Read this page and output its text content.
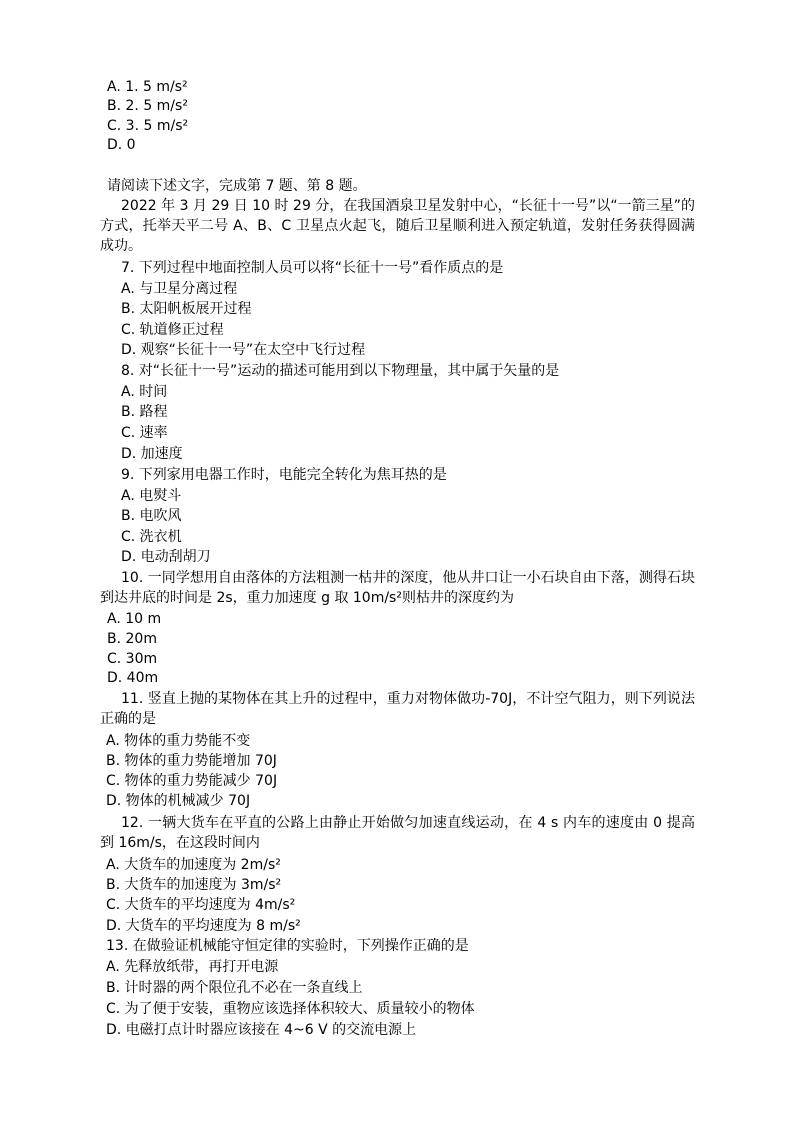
A. 1. 5 m/s²
B. 2. 5 m/s²
C. 3. 5 m/s²
D. 0
请阅读下述文字，完成第 7 题、第 8 题。
2022 年 3 月 29 日 10 时 29 分，在我国酒泉卫星发射中心，“长征十一号”以“一箭三星”的方式，托举天平二号 A、B、C 卫星点火起飞，随后卫星顺利进入预定轨道，发射任务获得圆满成功。
7. 下列过程中地面控制人员可以将“长征十一号”看作质点的是
A. 与卫星分离过程
B. 太阳帆板展开过程
C. 轨道修正过程
D. 观察“长征十一号”在太空中飞行过程
8. 对“长征十一号”运动的描述可能用到以下物理量，其中属于矢量的是
A. 时间
B. 路程
C. 速率
D. 加速度
9. 下列家用电器工作时，电能完全转化为焦耳热的是
A. 电熨斗
B. 电吹风
C. 洗衣机
D. 电动刮胡刀
10. 一同学想用自由落体的方法粗测一枯井的深度，他从井口让一小石块自由下落，测得石块到达井底的时间是 2s，重力加速度 g 取 10m/s²则枯井的深度约为
A. 10 m
B. 20m
C. 30m
D. 40m
11. 竖直上抛的某物体在其上升的过程中，重力对物体做功-70J，不计空气阻力，则下列说法正确的是
A. 物体的重力势能不变
B. 物体的重力势能增加 70J
C. 物体的重力势能减少 70J
D. 物体的机械减少 70J
12. 一辆大货车在平直的公路上由静止开始做匀加速直线运动，在 4 s 内车的速度由 0 提高到 16m/s，在这段时间内
A. 大货车的加速度为 2m/s²
B. 大货车的加速度为 3m/s²
C. 大货车的平均速度为 4m/s²
D. 大货车的平均速度为 8 m/s²
13. 在做验证机械能守恒定律的实验时，下列操作正确的是
A. 先释放纸带，再打开电源
B. 计时器的两个限位孔不必在一条直线上
C. 为了便于安装，重物应该选择体积较大、质量较小的物体
D. 电磁打点计时器应该接在 4~6 V 的交流电源上
